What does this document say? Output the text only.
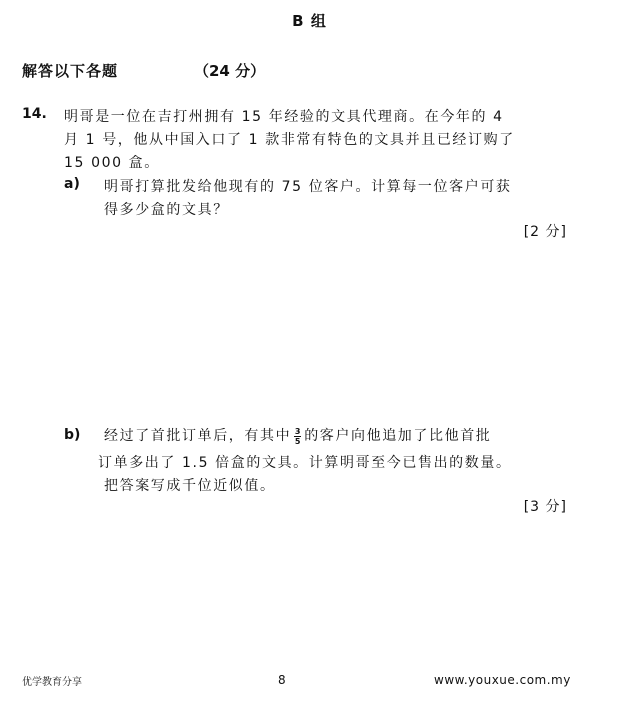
B 组
解答以下各题	（24 分）
14. 明哥是一位在吉打州拥有 15 年经验的文具代理商。在今年的 4
月 1 号，他从中国入口了 1 款非常有特色的文具并且已经订购了
15 000 盒。
a) 明哥打算批发给他现有的 75 位客户。计算每一位客户可获
得多少盒的文具？
[2 分]
b) 经过了首批订单后，有其中 $\frac{3}{5}$ 的客户向他追加了比他首批
订单多出了 1.5 倍盒的文具。计算明哥至今已售出的数量。
把答案写成千位近似值。
[3 分]
优学教育分享	8	www.youxue.com.my
